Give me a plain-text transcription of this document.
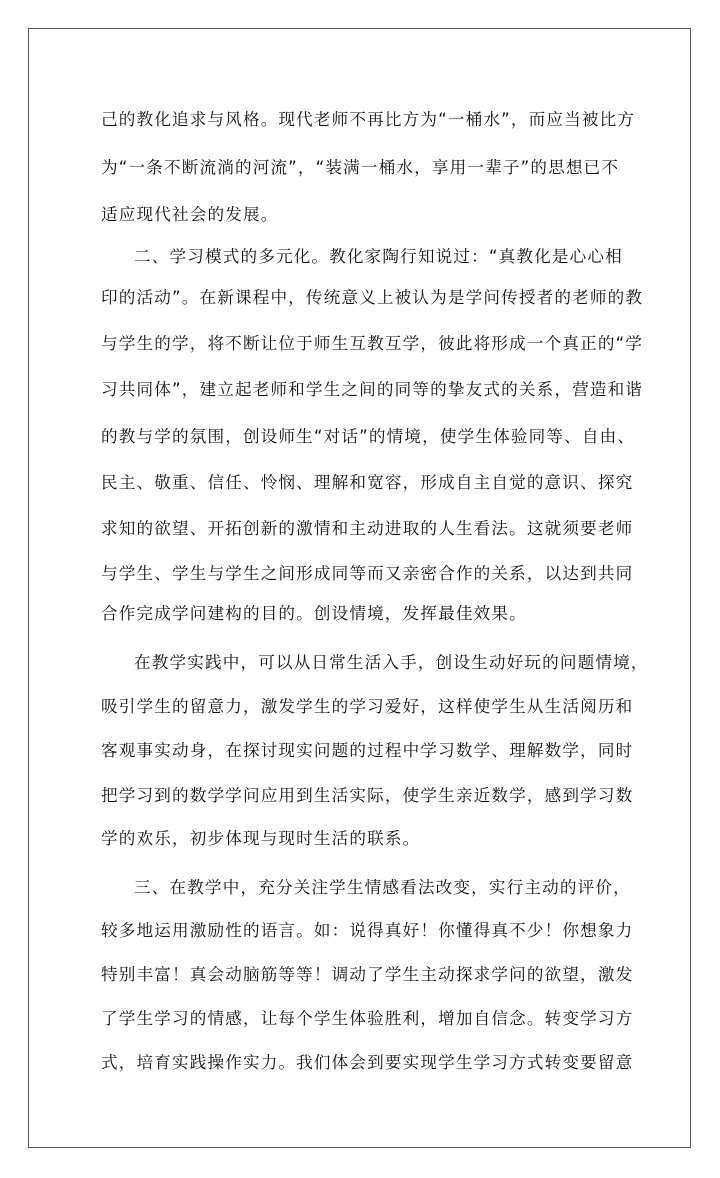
己的教化追求与风格。现代老师不再比方为“一桶水”，而应当被比方
为“一条不断流淌的河流”，“装满一桶水，享用一辈子”的思想已不
适应现代社会的发展。
二、学习模式的多元化。教化家陶行知说过：“真教化是心心相
印的活动”。在新课程中，传统意义上被认为是学问传授者的老师的教
与学生的学，将不断让位于师生互教互学，彼此将形成一个真正的“学
习共同体”，建立起老师和学生之间的同等的挚友式的关系，营造和谐
的教与学的氛围，创设师生“对话”的情境，使学生体验同等、自由、
民主、敬重、信任、怜悯、理解和宽容，形成自主自觉的意识、探究
求知的欲望、开拓创新的激情和主动进取的人生看法。这就须要老师
与学生、学生与学生之间形成同等而又亲密合作的关系，以达到共同
合作完成学问建构的目的。创设情境，发挥最佳效果。
在教学实践中，可以从日常生活入手，创设生动好玩的问题情境，
吸引学生的留意力，激发学生的学习爱好，这样使学生从生活阅历和
客观事实动身，在探讨现实问题的过程中学习数学、理解数学，同时
把学习到的数学学问应用到生活实际，使学生亲近数学，感到学习数
学的欢乐，初步体现与现时生活的联系。
三、在教学中，充分关注学生情感看法改变，实行主动的评价，
较多地运用激励性的语言。如：说得真好！你懂得真不少！你想象力
特别丰富！真会动脑筋等等！调动了学生主动探求学问的欲望，激发
了学生学习的情感，让每个学生体验胜利，增加自信念。转变学习方
式，培育实践操作实力。我们体会到要实现学生学习方式转变要留意
